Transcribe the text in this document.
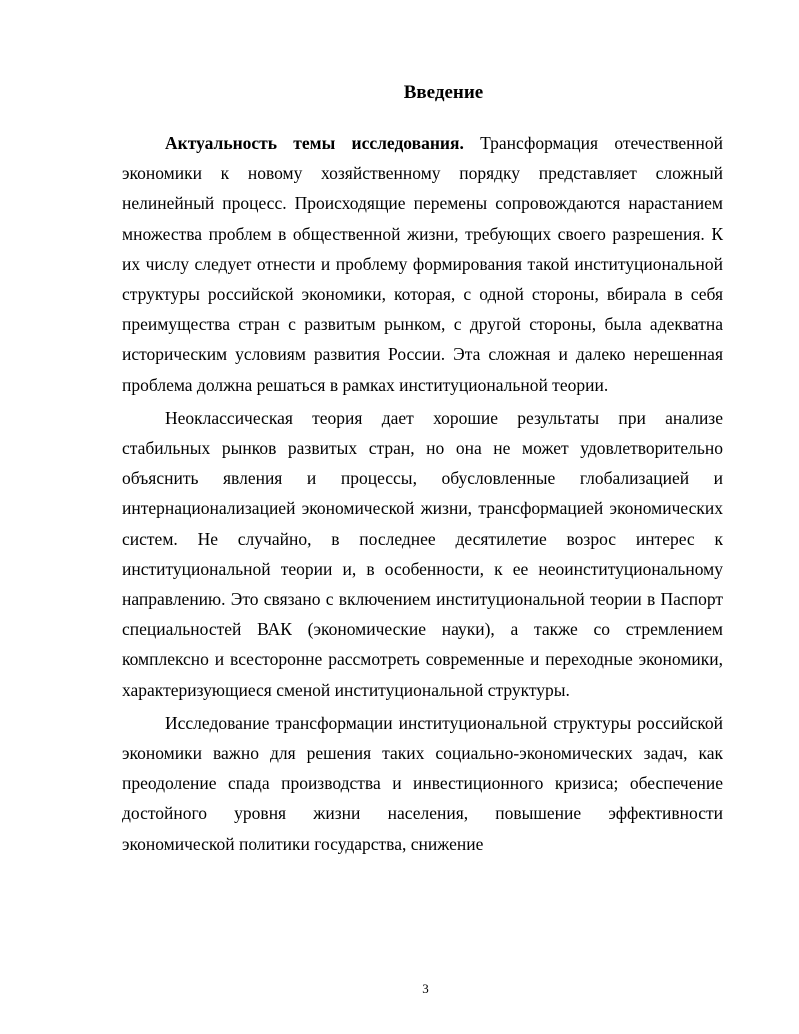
Введение

Актуальность темы исследования. Трансформация отечественной экономики к новому хозяйственному порядку представляет сложный нелинейный процесс. Происходящие перемены сопровождаются нарастанием множества проблем в общественной жизни, требующих своего разрешения. К их числу следует отнести и проблему формирования такой институциональной структуры российской экономики, которая, с одной стороны, вбирала в себя преимущества стран с развитым рынком, с другой стороны, была адекватна историческим условиям развития России. Эта сложная и далеко нерешенная проблема должна решаться в рамках институциональной теории.

Неоклассическая теория дает хорошие результаты при анализе стабильных рынков развитых стран, но она не может удовлетворительно объяснить явления и процессы, обусловленные глобализацией и интернационализацией экономической жизни, трансформацией экономических систем. Не случайно, в последнее десятилетие возрос интерес к институциональной теории и, в особенности, к ее неоинституциональному направлению. Это связано с включением институциональной теории в Паспорт специальностей ВАК (экономические науки), а также со стремлением комплексно и всесторонне рассмотреть современные и переходные экономики, характеризующиеся сменой институциональной структуры.

Исследование трансформации институциональной структуры российской экономики важно для решения таких социально-экономических задач, как преодоление спада производства и инвестиционного кризиса; обеспечение достойного уровня жизни населения, повышение эффективности экономической политики государства, снижение

3
